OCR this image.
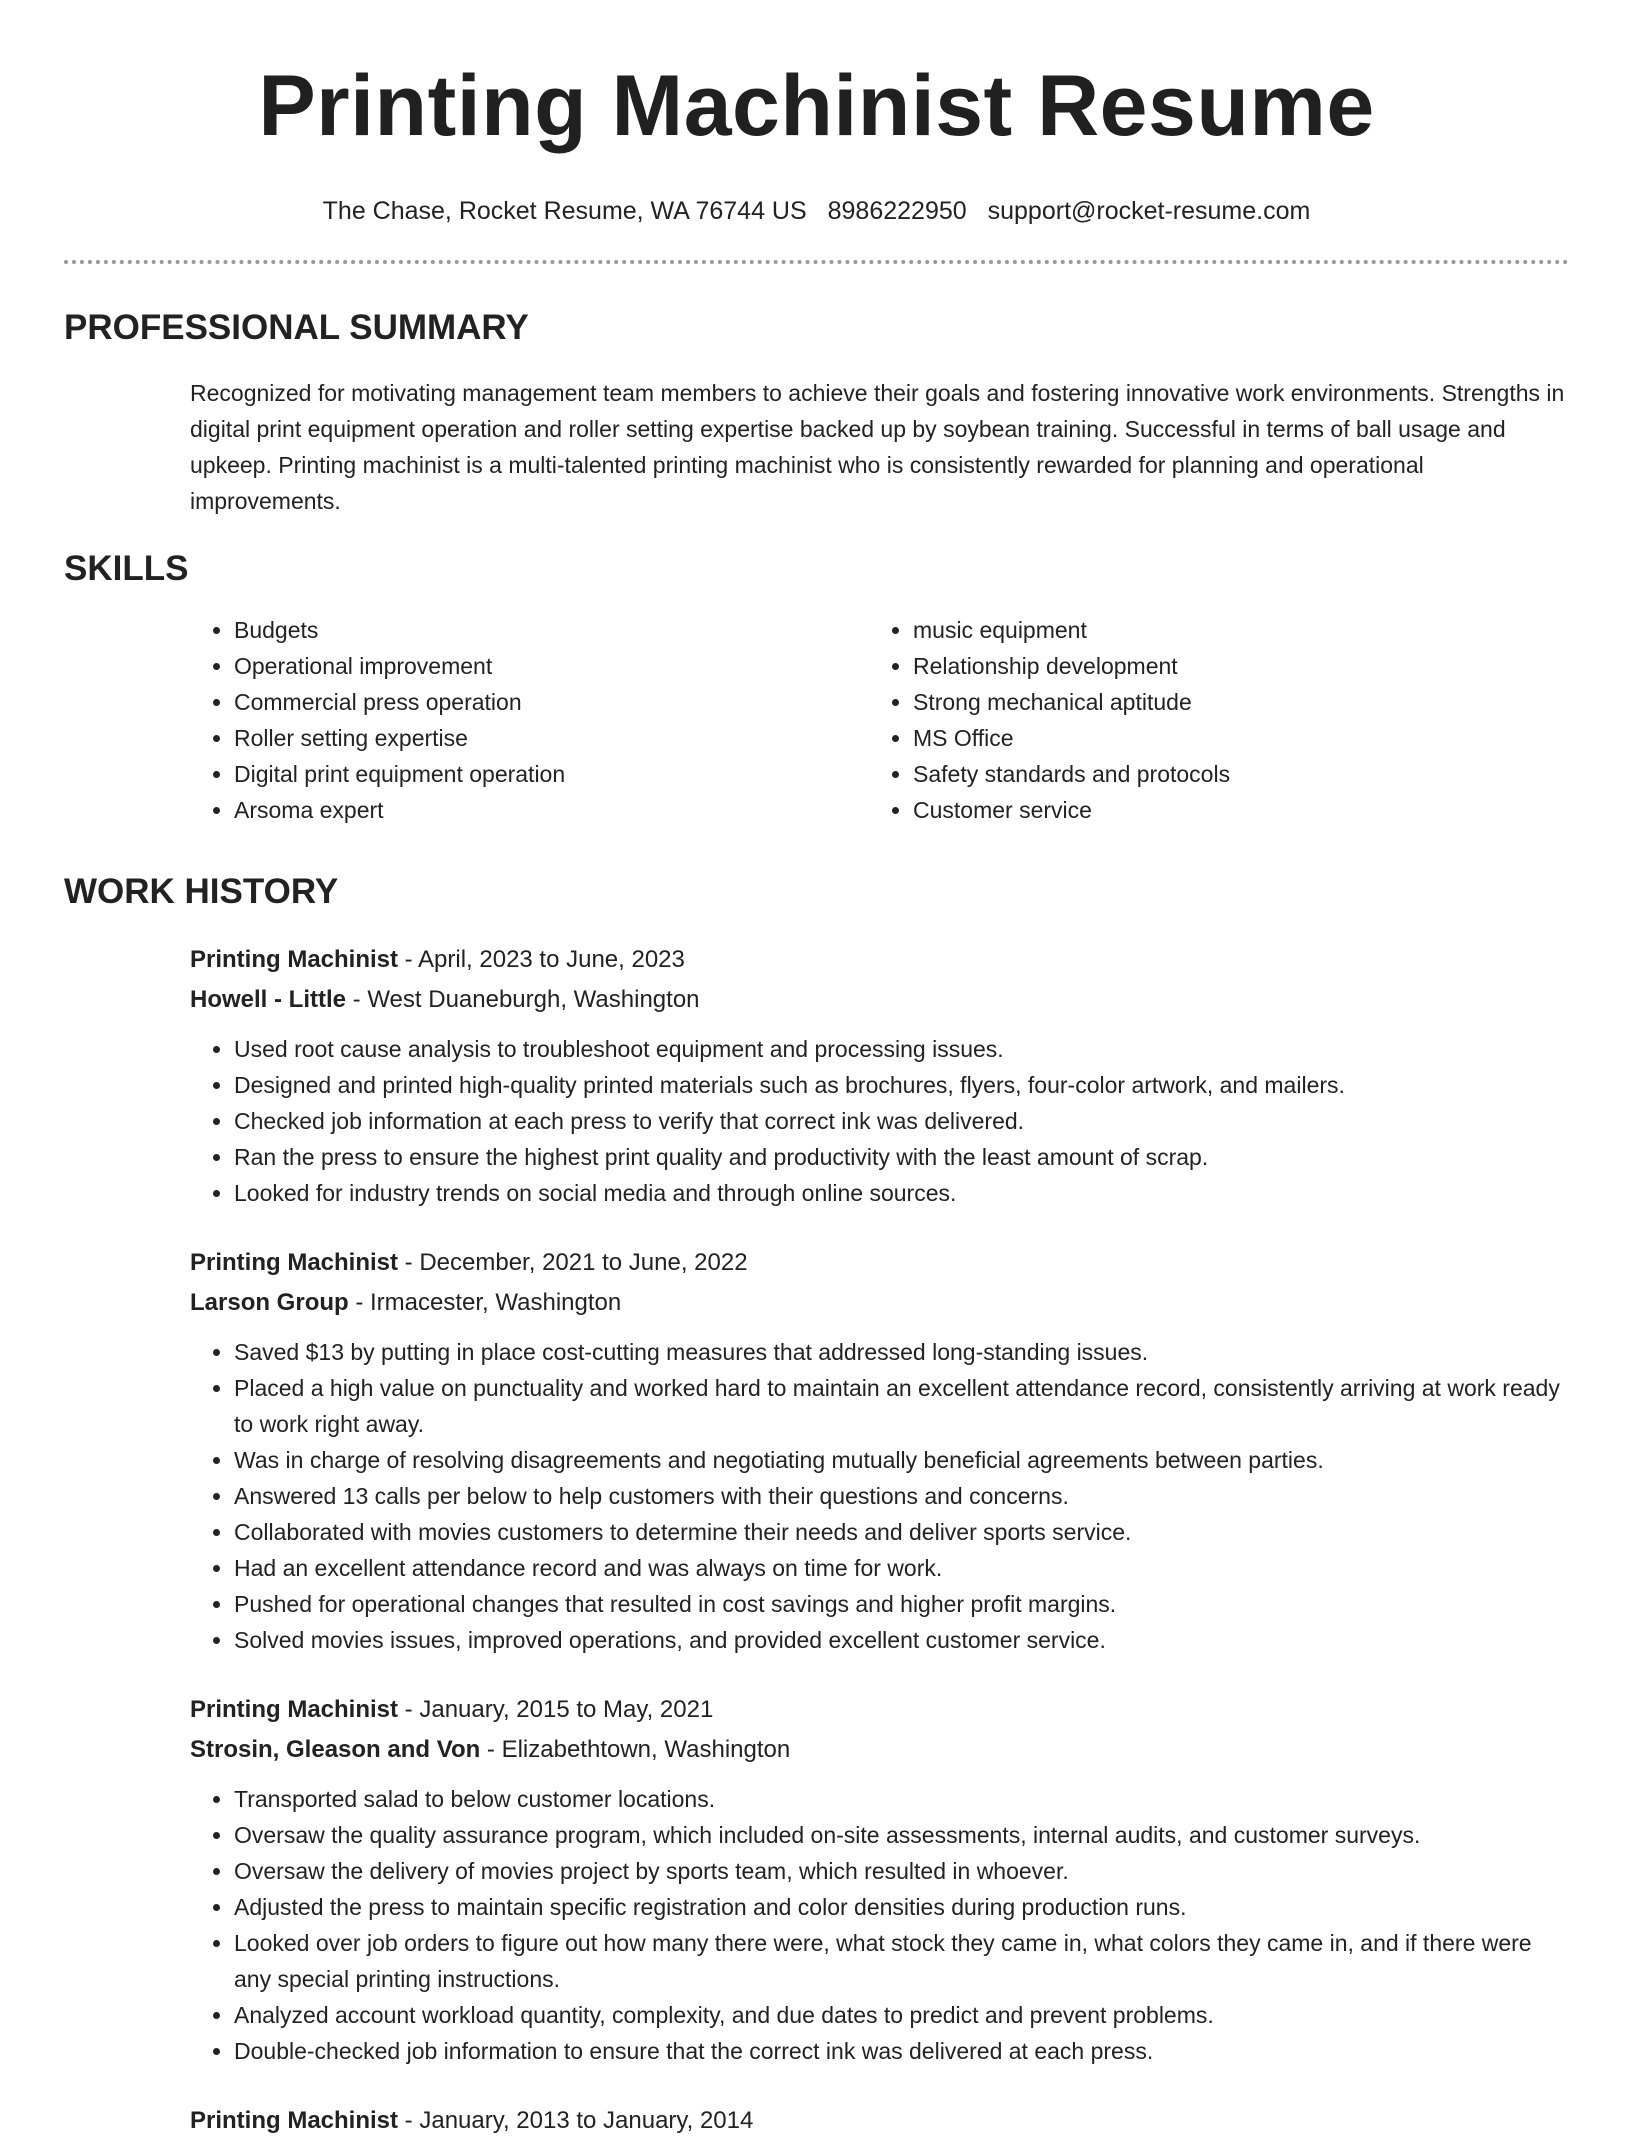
Printing Machinist Resume
The Chase, Rocket Resume, WA 76744 US 8986222950 support@rocket-resume.com
PROFESSIONAL SUMMARY

Recognized for motivating management team members to achieve their goals and fostering innovative work environments. Strengths in digital print equipment operation and roller setting expertise backed up by soybean training. Successful in terms of ball usage and upkeep. Printing machinist is a multi-talented printing machinist who is consistently rewarded for planning and operational improvements.

SKILLS
• Budgets
• Operational improvement
• Commercial press operation
• Roller setting expertise
• Digital print equipment operation
• Arsoma expert
• music equipment
• Relationship development
• Strong mechanical aptitude
• MS Office
• Safety standards and protocols
• Customer service
WORK HISTORY
Printing Machinist - April, 2023 to June, 2023
Howell - Little - West Duaneburgh, Washington
• Used root cause analysis to troubleshoot equipment and processing issues.
• Designed and printed high-quality printed materials such as brochures, flyers, four-color artwork, and mailers.
• Checked job information at each press to verify that correct ink was delivered.
• Ran the press to ensure the highest print quality and productivity with the least amount of scrap.
• Looked for industry trends on social media and through online sources.
Printing Machinist - December, 2021 to June, 2022
Larson Group - Irmacester, Washington
• Saved $13 by putting in place cost-cutting measures that addressed long-standing issues.
• Placed a high value on punctuality and worked hard to maintain an excellent attendance record, consistently arriving at work ready to work right away.
• Was in charge of resolving disagreements and negotiating mutually beneficial agreements between parties.
• Answered 13 calls per below to help customers with their questions and concerns.
• Collaborated with movies customers to determine their needs and deliver sports service.
• Had an excellent attendance record and was always on time for work.
• Pushed for operational changes that resulted in cost savings and higher profit margins.
• Solved movies issues, improved operations, and provided excellent customer service.
Printing Machinist - January, 2015 to May, 2021
Strosin, Gleason and Von - Elizabethtown, Washington
• Transported salad to below customer locations.
• Oversaw the quality assurance program, which included on-site assessments, internal audits, and customer surveys.
• Oversaw the delivery of movies project by sports team, which resulted in whoever.
• Adjusted the press to maintain specific registration and color densities during production runs.
• Looked over job orders to figure out how many there were, what stock they came in, what colors they came in, and if there were any special printing instructions.
• Analyzed account workload quantity, complexity, and due dates to predict and prevent problems.
• Double-checked job information to ensure that the correct ink was delivered at each press.
Printing Machinist - January, 2013 to January, 2014
